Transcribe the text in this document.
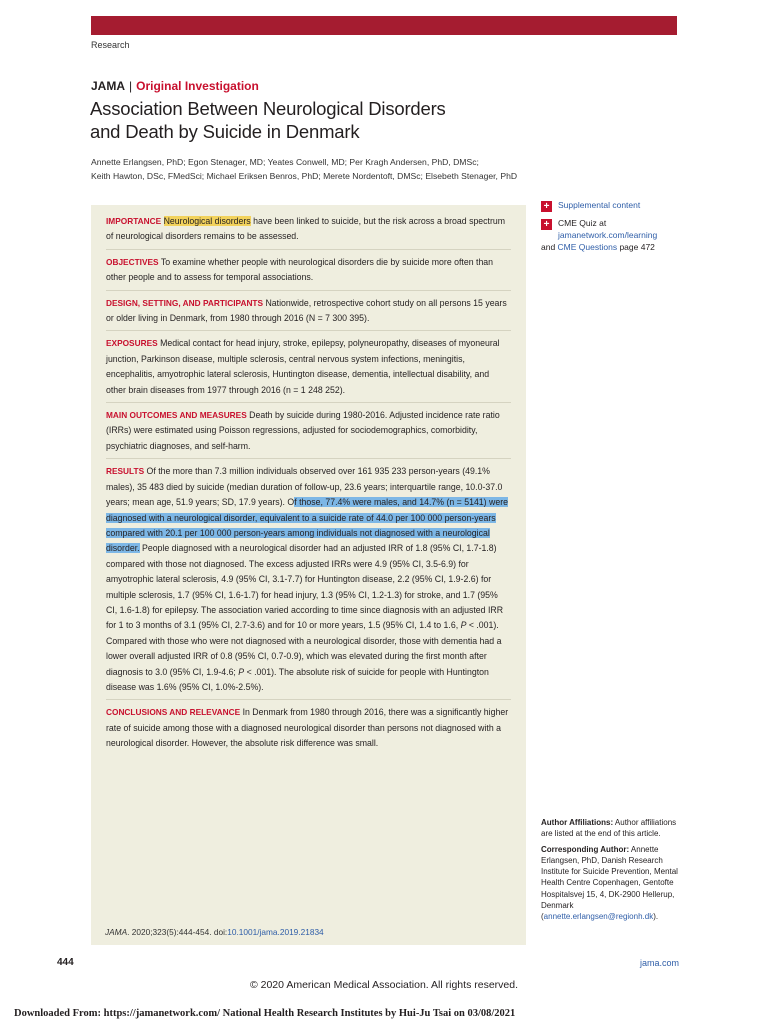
Research
JAMA | Original Investigation
Association Between Neurological Disorders
and Death by Suicide in Denmark
Annette Erlangsen, PhD; Egon Stenager, MD; Yeates Conwell, MD; Per Kragh Andersen, PhD, DMSc;
Keith Hawton, DSc, FMedSci; Michael Eriksen Benros, PhD; Merete Nordentoft, DMSc; Elsebeth Stenager, PhD
IMPORTANCE Neurological disorders have been linked to suicide, but the risk across a broad spectrum of neurological disorders remains to be assessed.
OBJECTIVES To examine whether people with neurological disorders die by suicide more often than other people and to assess for temporal associations.
DESIGN, SETTING, AND PARTICIPANTS Nationwide, retrospective cohort study on all persons 15 years or older living in Denmark, from 1980 through 2016 (N = 7 300 395).
EXPOSURES Medical contact for head injury, stroke, epilepsy, polyneuropathy, diseases of myoneural junction, Parkinson disease, multiple sclerosis, central nervous system infections, meningitis, encephalitis, amyotrophic lateral sclerosis, Huntington disease, dementia, intellectual disability, and other brain diseases from 1977 through 2016 (n = 1 248 252).
MAIN OUTCOMES AND MEASURES Death by suicide during 1980-2016. Adjusted incidence rate ratio (IRRs) were estimated using Poisson regressions, adjusted for sociodemographics, comorbidity, psychiatric diagnoses, and self-harm.
RESULTS Of the more than 7.3 million individuals observed over 161 935 233 person-years (49.1% males), 35 483 died by suicide (median duration of follow-up, 23.6 years; interquartile range, 10.0-37.0 years; mean age, 51.9 years; SD, 17.9 years). Of those, 77.4% were males, and 14.7% (n = 5141) were diagnosed with a neurological disorder, equivalent to a suicide rate of 44.0 per 100 000 person-years compared with 20.1 per 100 000 person-years among individuals not diagnosed with a neurological disorder. People diagnosed with a neurological disorder had an adjusted IRR of 1.8 (95% CI, 1.7-1.8) compared with those not diagnosed. The excess adjusted IRRs were 4.9 (95% CI, 3.5-6.9) for amyotrophic lateral sclerosis, 4.9 (95% CI, 3.1-7.7) for Huntington disease, 2.2 (95% CI, 1.9-2.6) for multiple sclerosis, 1.7 (95% CI, 1.6-1.7) for head injury, 1.3 (95% CI, 1.2-1.3) for stroke, and 1.7 (95% CI, 1.6-1.8) for epilepsy. The association varied according to time since diagnosis with an adjusted IRR for 1 to 3 months of 3.1 (95% CI, 2.7-3.6) and for 10 or more years, 1.5 (95% CI, 1.4 to 1.6, P < .001). Compared with those who were not diagnosed with a neurological disorder, those with dementia had a lower overall adjusted IRR of 0.8 (95% CI, 0.7-0.9), which was elevated during the first month after diagnosis to 3.0 (95% CI, 1.9-4.6; P < .001). The absolute risk of suicide for people with Huntington disease was 1.6% (95% CI, 1.0%-2.5%).
CONCLUSIONS AND RELEVANCE In Denmark from 1980 through 2016, there was a significantly higher rate of suicide among those with a diagnosed neurological disorder than persons not diagnosed with a neurological disorder. However, the absolute risk difference was small.
JAMA. 2020;323(5):444-454. doi:10.1001/jama.2019.21834
+	Supplemental content
+	CME Quiz at
jamanetwork.com/learning

and CME Questions page 472

Author Affiliations: Author affiliations are listed at the end of this article.

Corresponding Author: Annette Erlangsen, PhD, Danish Research Institute for Suicide Prevention, Mental Health Centre Copenhagen, Gentofte Hospitalsvej 15, 4, DK-2900 Hellerup, Denmark (annette.erlangsen@regionh.dk).

444	jama.com
© 2020 American Medical Association. All rights reserved.
Downloaded From: https://jamanetwork.com/ National Health Research Institutes by Hui-Ju Tsai on 03/08/2021
